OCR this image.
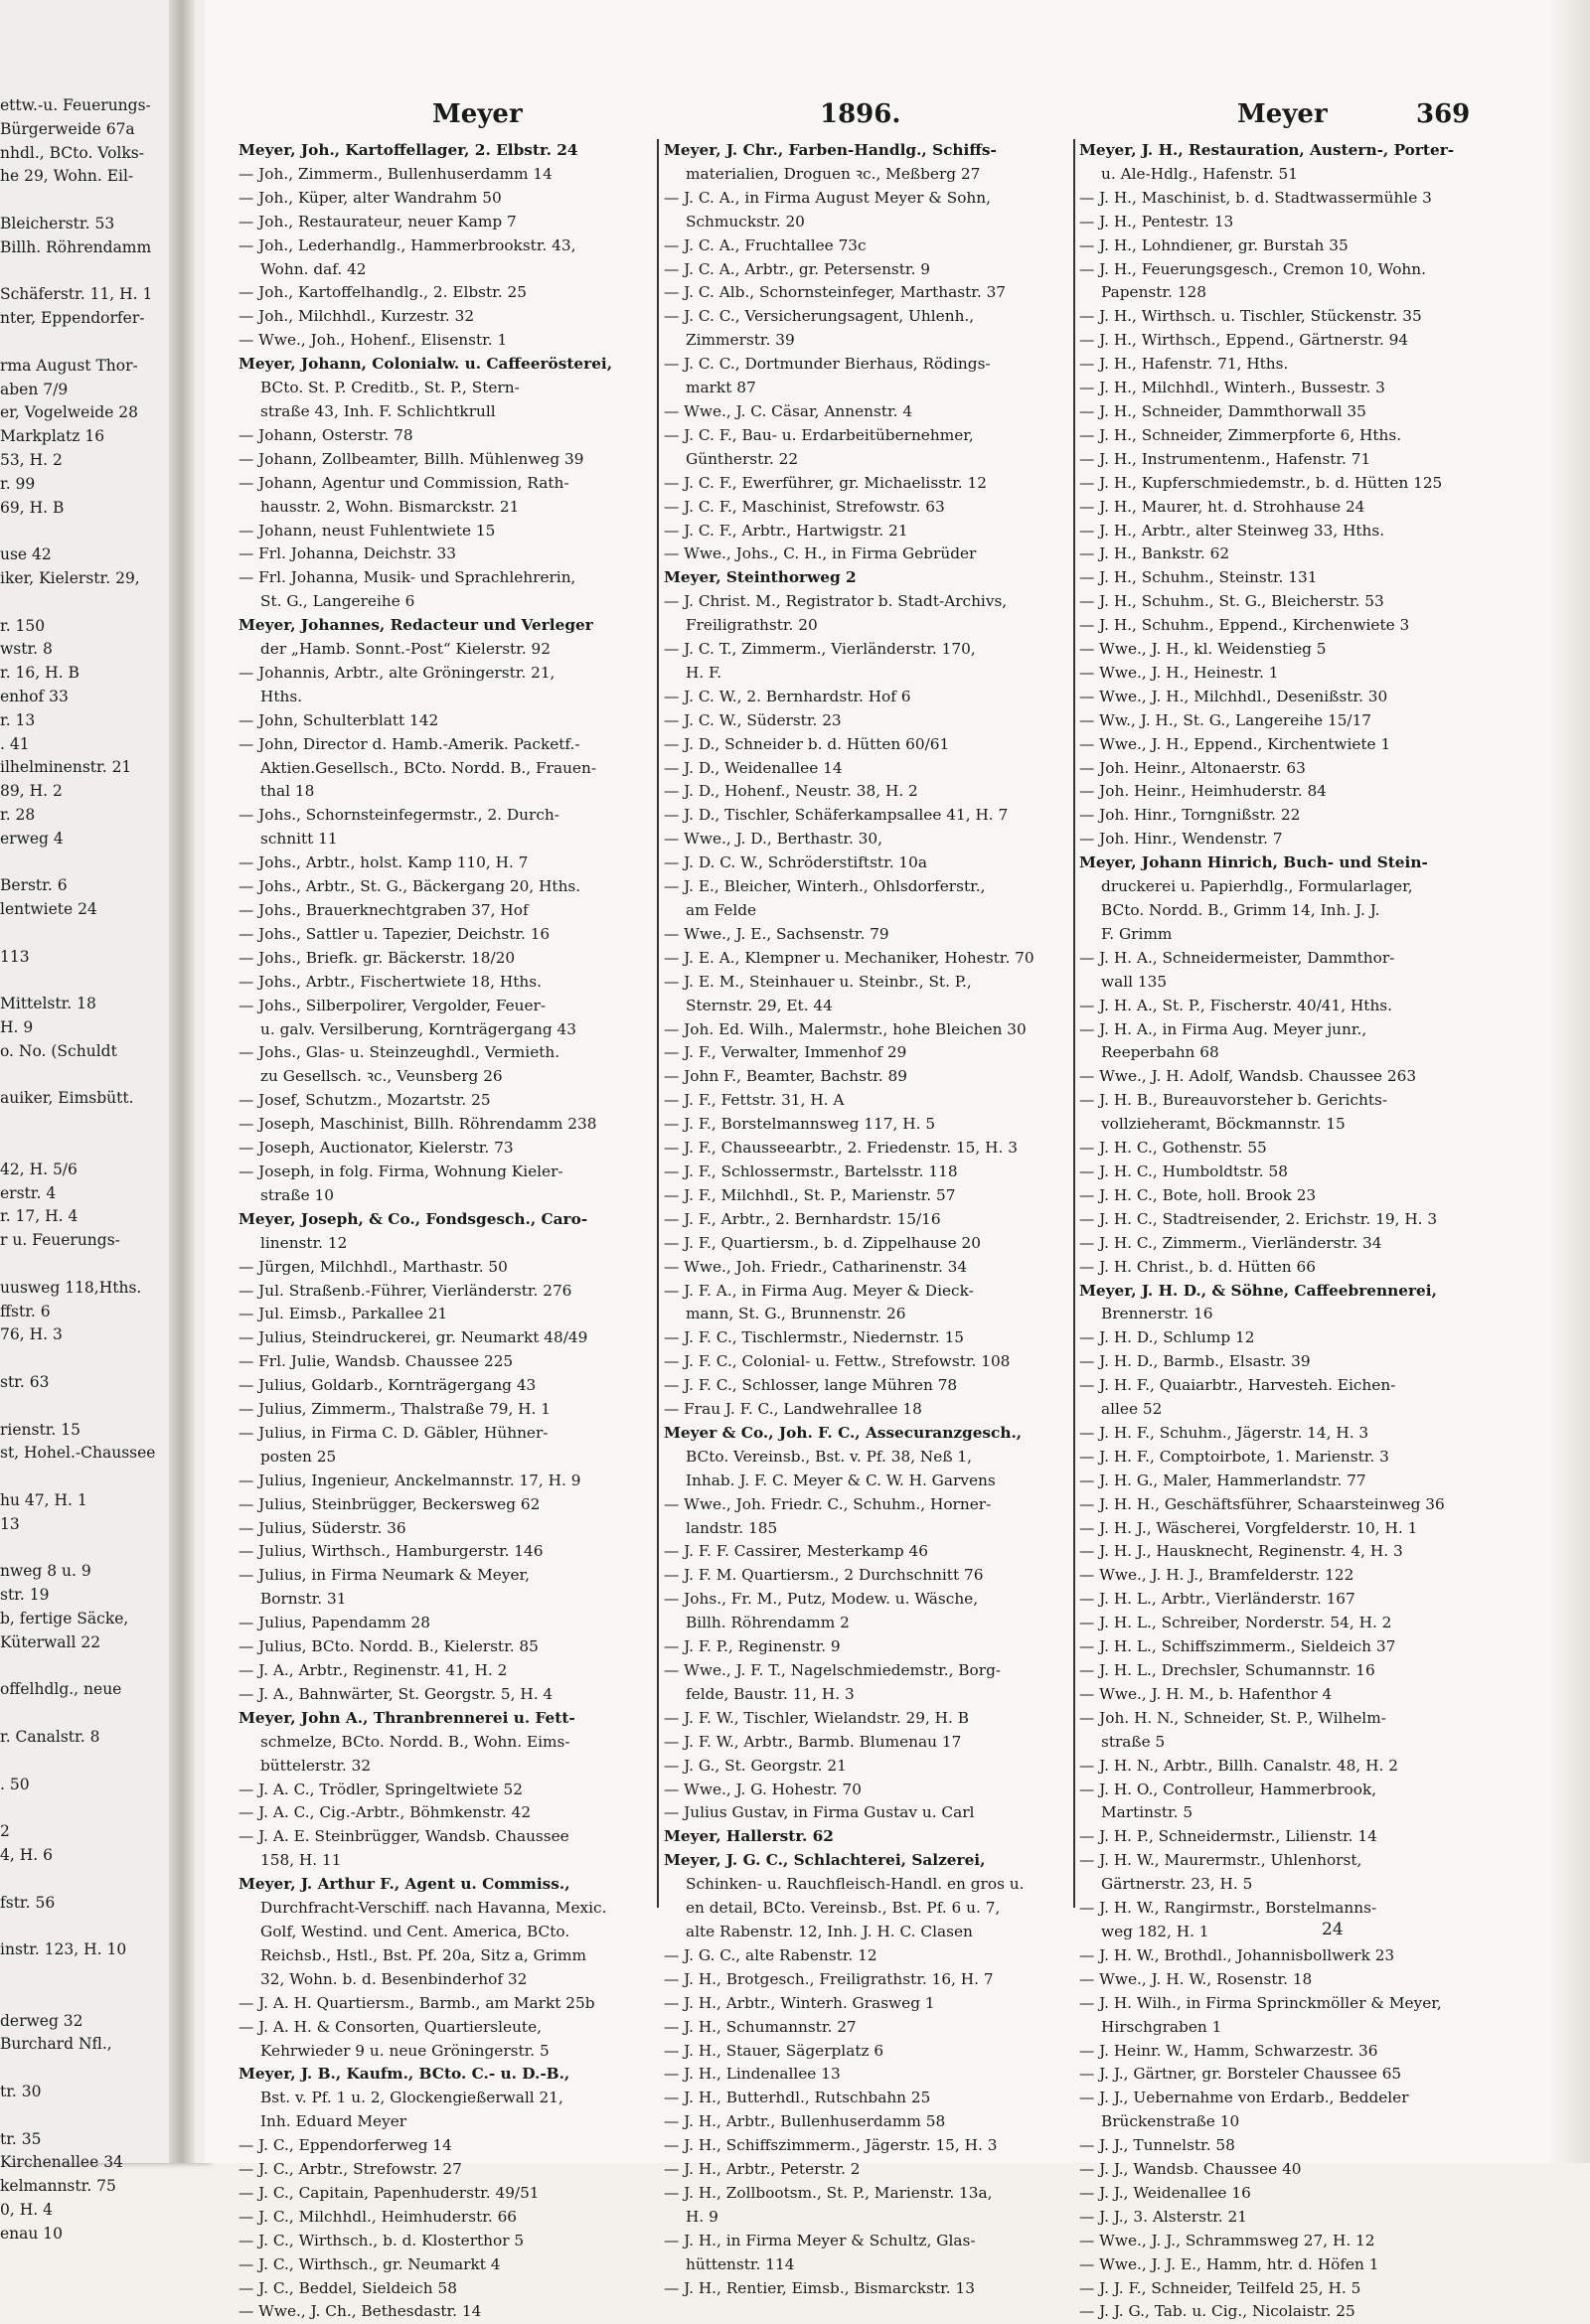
ettw.-u. Feuerungs-
Bürgerweide 67a
nhdl., BCto. Volks-
he 29, Wohn. Eil-

Bleicherstr. 53
Billh. Röhrendamm

Schäferstr. 11, H. 1
nter, Eppendorfer-

rma August Thor-
aben 7/9
er, Vogelweide 28
Markplatz 16
53, H. 2
r. 99
69, H. B

use 42
iker, Kielerstr. 29,

r. 150
wstr. 8
r. 16, H. B
enhof 33
r. 13
. 41
ilhelminenstr. 21
89, H. 2
r. 28
erweg 4

Berstr. 6
lentwiete 24

113

Mittelstr. 18
H. 9
o. No. (Schuldt

auiker, Eimsbütt.

42, H. 5/6
erstr. 4
r. 17, H. 4
r u. Feuerungs-

uusweg 118,Hths.
ffstr. 6
76, H. 3

str. 63

rienstr. 15
st, Hohel.-Chaussee

hu 47, H. 1
13

nweg 8 u. 9
str. 19
b, fertige Säcke,
Küterwall 22

offelhdlg., neue

r. Canalstr. 8

. 50

2
4, H. 6

fstr. 56

instr. 123, H. 10

derweg 32
Burchard Nfl.,

tr. 30

tr. 35
Kirchenallee 34
kelmannstr. 75
0, H. 4
enau 10
Meyer	1896.	Meyer	369
Meyer, Joh., Kartoffellager, 2. Elbstr. 24
— Joh., Zimmerm., Bullenhuserdamm 14
— Joh., Küper, alter Wandrahm 50
— Joh., Restaurateur, neuer Kamp 7
— Joh., Lederhandlg., Hammerbrookstr. 43,
Wohn. daf. 42
— Joh., Kartoffelhandlg., 2. Elbstr. 25
— Joh., Milchhdl., Kurzestr. 32
— Wwe., Joh., Hohenf., Elisenstr. 1
Meyer, Johann, Colonialw. u. Caffeerösterei,
BCto. St. P. Creditb., St. P., Stern-
straße 43, Inh. F. Schlichtkrull
— Johann, Osterstr. 78
— Johann, Zollbeamter, Billh. Mühlenweg 39
— Johann, Agentur und Commission, Rath-
hausstr. 2, Wohn. Bismarckstr. 21
— Johann, neust Fuhlentwiete 15
— Frl. Johanna, Deichstr. 33
— Frl. Johanna, Musik- und Sprachlehrerin,
St. G., Langereihe 6
Meyer, Johannes, Redacteur und Verleger
der „Hamb. Sonnt.-Post“ Kielerstr. 92
— Johannis, Arbtr., alte Gröningerstr. 21,
Hths.
— John, Schulterblatt 142
— John, Director d. Hamb.-Amerik. Packetf.-
Aktien.Gesellsch., BCto. Nordd. B., Frauen-
thal 18
— Johs., Schornsteinfegermstr., 2. Durch-
schnitt 11
— Johs., Arbtr., holst. Kamp 110, H. 7
— Johs., Arbtr., St. G., Bäckergang 20, Hths.
— Johs., Brauerknechtgraben 37, Hof
— Johs., Sattler u. Tapezier, Deichstr. 16
— Johs., Briefk. gr. Bäckerstr. 18/20
— Johs., Arbtr., Fischertwiete 18, Hths.
— Johs., Silberpolirer, Vergolder, Feuer-
u. galv. Versilberung, Kornträgergang 43
— Johs., Glas- u. Steinzeughdl., Vermieth.
zu Gesellsch. ꝛc., Veunsberg 26
— Josef, Schutzm., Mozartstr. 25
— Joseph, Maschinist, Billh. Röhrendamm 238
— Joseph, Auctionator, Kielerstr. 73
— Joseph, in folg. Firma, Wohnung Kieler-
straße 10
Meyer, Joseph, & Co., Fondsgesch., Caro-
linenstr. 12
— Jürgen, Milchhdl., Marthastr. 50
— Jul. Straßenb.-Führer, Vierländerstr. 276
— Jul. Eimsb., Parkallee 21
— Julius, Steindruckerei, gr. Neumarkt 48/49
— Frl. Julie, Wandsb. Chaussee 225
— Julius, Goldarb., Kornträgergang 43
— Julius, Zimmerm., Thalstraße 79, H. 1
— Julius, in Firma C. D. Gäbler, Hühner-
posten 25
— Julius, Ingenieur, Anckelmannstr. 17, H. 9
— Julius, Steinbrügger, Beckersweg 62
— Julius, Süderstr. 36
— Julius, Wirthsch., Hamburgerstr. 146
— Julius, in Firma Neumark & Meyer,
Bornstr. 31
— Julius, Papendamm 28
— Julius, BCto. Nordd. B., Kielerstr. 85
— J. A., Arbtr., Reginenstr. 41, H. 2
— J. A., Bahnwärter, St. Georgstr. 5, H. 4
Meyer, John A., Thranbrennerei u. Fett-
schmelze, BCto. Nordd. B., Wohn. Eims-
büttelerstr. 32
— J. A. C., Trödler, Springeltwiete 52
— J. A. C., Cig.-Arbtr., Böhmkenstr. 42
— J. A. E. Steinbrügger, Wandsb. Chaussee
158, H. 11
Meyer, J. Arthur F., Agent u. Commiss.,
Durchfracht-Verschiff. nach Havanna, Mexic.
Golf, Westind. und Cent. America, BCto.
Reichsb., Hstl., Bst. Pf. 20a, Sitz a, Grimm
32, Wohn. b. d. Besenbinderhof 32
— J. A. H. Quartiersm., Barmb., am Markt 25b
— J. A. H. & Consorten, Quartiersleute,
Kehrwieder 9 u. neue Gröningerstr. 5
Meyer, J. B., Kaufm., BCto. C.- u. D.-B.,
Bst. v. Pf. 1 u. 2, Glockengießerwall 21,
Inh. Eduard Meyer
— J. C., Eppendorferweg 14
— J. C., Arbtr., Strefowstr. 27
— J. C., Capitain, Papenhuderstr. 49/51
— J. C., Milchhdl., Heimhuderstr. 66
— J. C., Wirthsch., b. d. Klosterthor 5
— J. C., Wirthsch., gr. Neumarkt 4
— J. C., Beddel, Sieldeich 58
— Wwe., J. Ch., Bethesdastr. 14
Meyer, J. Chr., Farben-Handlg., Schiffs-
materialien, Droguen ꝛc., Meßberg 27
— J. C. A., in Firma August Meyer & Sohn,
Schmuckstr. 20
— J. C. A., Fruchtallee 73c
— J. C. A., Arbtr., gr. Petersenstr. 9
— J. C. Alb., Schornsteinfeger, Marthastr. 37
— J. C. C., Versicherungsagent, Uhlenh.,
Zimmerstr. 39
— J. C. C., Dortmunder Bierhaus, Rödings-
markt 87
— Wwe., J. C. Cäsar, Annenstr. 4
— J. C. F., Bau- u. Erdarbeitübernehmer,
Güntherstr. 22
— J. C. F., Ewerführer, gr. Michaelisstr. 12
— J. C. F., Maschinist, Strefowstr. 63
— J. C. F., Arbtr., Hartwigstr. 21
— Wwe., Johs., C. H., in Firma Gebrüder
Meyer, Steinthorweg 2
— J. Christ. M., Registrator b. Stadt-Archivs,
Freiligrathstr. 20
— J. C. T., Zimmerm., Vierländerstr. 170,
H. F.
— J. C. W., 2. Bernhardstr. Hof 6
— J. C. W., Süderstr. 23
— J. D., Schneider b. d. Hütten 60/61
— J. D., Weidenallee 14
— J. D., Hohenf., Neustr. 38, H. 2
— J. D., Tischler, Schäferkampsallee 41, H. 7
— Wwe., J. D., Berthastr. 30,
— J. D. C. W., Schröderstiftstr. 10a
— J. E., Bleicher, Winterh., Ohlsdorferstr.,
am Felde
— Wwe., J. E., Sachsenstr. 79
— J. E. A., Klempner u. Mechaniker, Hohestr. 70
— J. E. M., Steinhauer u. Steinbr., St. P.,
Sternstr. 29, Et. 44
— Joh. Ed. Wilh., Malermstr., hohe Bleichen 30
— J. F., Verwalter, Immenhof 29
— John F., Beamter, Bachstr. 89
— J. F., Fettstr. 31, H. A
— J. F., Borstelmannsweg 117, H. 5
— J. F., Chausseearbtr., 2. Friedenstr. 15, H. 3
— J. F., Schlossermstr., Bartelsstr. 118
— J. F., Milchhdl., St. P., Marienstr. 57
— J. F., Arbtr., 2. Bernhardstr. 15/16
— J. F., Quartiersm., b. d. Zippelhause 20
— Wwe., Joh. Friedr., Catharinenstr. 34
— J. F. A., in Firma Aug. Meyer & Dieck-
mann, St. G., Brunnenstr. 26
— J. F. C., Tischlermstr., Niedernstr. 15
— J. F. C., Colonial- u. Fettw., Strefowstr. 108
— J. F. C., Schlosser, lange Mühren 78
— Frau J. F. C., Landwehrallee 18
Meyer & Co., Joh. F. C., Assecuranzgesch.,
BCto. Vereinsb., Bst. v. Pf. 38, Neß 1,
Inhab. J. F. C. Meyer & C. W. H. Garvens
— Wwe., Joh. Friedr. C., Schuhm., Horner-
landstr. 185
— J. F. F. Cassirer, Mesterkamp 46
— J. F. M. Quartiersm., 2 Durchschnitt 76
— Johs., Fr. M., Putz, Modew. u. Wäsche,
Billh. Röhrendamm 2
— J. F. P., Reginenstr. 9
— Wwe., J. F. T., Nagelschmiedemstr., Borg-
felde, Baustr. 11, H. 3
— J. F. W., Tischler, Wielandstr. 29, H. B
— J. F. W., Arbtr., Barmb. Blumenau 17
— J. G., St. Georgstr. 21
— Wwe., J. G. Hohestr. 70
— Julius Gustav, in Firma Gustav u. Carl
Meyer, Hallerstr. 62
Meyer, J. G. C., Schlachterei, Salzerei,
Schinken- u. Rauchfleisch-Handl. en gros u.
en detail, BCto. Vereinsb., Bst. Pf. 6 u. 7,
alte Rabenstr. 12, Inh. J. H. C. Clasen
— J. G. C., alte Rabenstr. 12
— J. H., Brotgesch., Freiligrathstr. 16, H. 7
— J. H., Arbtr., Winterh. Grasweg 1
— J. H., Schumannstr. 27
— J. H., Stauer, Sägerplatz 6
— J. H., Lindenallee 13
— J. H., Butterhdl., Rutschbahn 25
— J. H., Arbtr., Bullenhuserdamm 58
— J. H., Schiffszimmerm., Jägerstr. 15, H. 3
— J. H., Arbtr., Peterstr. 2
— J. H., Zollbootsm., St. P., Marienstr. 13a,
H. 9
— J. H., in Firma Meyer & Schultz, Glas-
hüttenstr. 114
— J. H., Rentier, Eimsb., Bismarckstr. 13
Meyer, J. H., Restauration, Austern-, Porter-
u. Ale-Hdlg., Hafenstr. 51
— J. H., Maschinist, b. d. Stadtwassermühle 3
— J. H., Pentestr. 13
— J. H., Lohndiener, gr. Burstah 35
— J. H., Feuerungsgesch., Cremon 10, Wohn.
Papenstr. 128
— J. H., Wirthsch. u. Tischler, Stückenstr. 35
— J. H., Wirthsch., Eppend., Gärtnerstr. 94
— J. H., Hafenstr. 71, Hths.
— J. H., Milchhdl., Winterh., Bussestr. 3
— J. H., Schneider, Dammthorwall 35
— J. H., Schneider, Zimmerpforte 6, Hths.
— J. H., Instrumentenm., Hafenstr. 71
— J. H., Kupferschmiedemstr., b. d. Hütten 125
— J. H., Maurer, ht. d. Strohhause 24
— J. H., Arbtr., alter Steinweg 33, Hths.
— J. H., Bankstr. 62
— J. H., Schuhm., Steinstr. 131
— J. H., Schuhm., St. G., Bleicherstr. 53
— J. H., Schuhm., Eppend., Kirchenwiete 3
— Wwe., J. H., kl. Weidenstieg 5
— Wwe., J. H., Heinestr. 1
— Wwe., J. H., Milchhdl., Desenißstr. 30
— Ww., J. H., St. G., Langereihe 15/17
— Wwe., J. H., Eppend., Kirchentwiete 1
— Joh. Heinr., Altonaerstr. 63
— Joh. Heinr., Heimhuderstr. 84
— Joh. Hinr., Torngnißstr. 22
— Joh. Hinr., Wendenstr. 7
Meyer, Johann Hinrich, Buch- und Stein-
druckerei u. Papierhdlg., Formularlager,
BCto. Nordd. B., Grimm 14, Inh. J. J.
F. Grimm
— J. H. A., Schneidermeister, Dammthor-
wall 135
— J. H. A., St. P., Fischerstr. 40/41, Hths.
— J. H. A., in Firma Aug. Meyer junr.,
Reeperbahn 68
— Wwe., J. H. Adolf, Wandsb. Chaussee 263
— J. H. B., Bureauvorsteher b. Gerichts-
vollzieheramt, Böckmannstr. 15
— J. H. C., Gothenstr. 55
— J. H. C., Humboldtstr. 58
— J. H. C., Bote, holl. Brook 23
— J. H. C., Stadtreisender, 2. Erichstr. 19, H. 3
— J. H. C., Zimmerm., Vierländerstr. 34
— J. H. Christ., b. d. Hütten 66
Meyer, J. H. D., & Söhne, Caffeebrennerei,
Brennerstr. 16
— J. H. D., Schlump 12
— J. H. D., Barmb., Elsastr. 39
— J. H. F., Quaiarbtr., Harvestеh. Eichen-
allee 52
— J. H. F., Schuhm., Jägerstr. 14, H. 3
— J. H. F., Comptoirbote, 1. Marienstr. 3
— J. H. G., Maler, Hammerlandstr. 77
— J. H. H., Geschäftsführer, Schaarsteinweg 36
— J. H. J., Wäscherei, Vorgfelderstr. 10, H. 1
— J. H. J., Hausknecht, Reginenstr. 4, H. 3
— Wwe., J. H. J., Bramfelderstr. 122
— J. H. L., Arbtr., Vierländerstr. 167
— J. H. L., Schreiber, Norderstr. 54, H. 2
— J. H. L., Schiffszimmerm., Sieldeich 37
— J. H. L., Drechsler, Schumannstr. 16
— Wwe., J. H. M., b. Hafenthor 4
— Joh. H. N., Schneider, St. P., Wilhelm-
straße 5
— J. H. N., Arbtr., Billh. Canalstr. 48, H. 2
— J. H. O., Controlleur, Hammerbrook,
Martinstr. 5
— J. H. P., Schneidermstr., Lilienstr. 14
— J. H. W., Maurermstr., Uhlenhorst,
Gärtnerstr. 23, H. 5
— J. H. W., Rangirmstr., Borstelmanns-
weg 182, H. 1
— J. H. W., Brothdl., Johannisbollwerk 23
— Wwe., J. H. W., Rosenstr. 18
— J. H. Wilh., in Firma Sprinckmöller & Meyer,
Hirschgraben 1
— J. Heinr. W., Hamm, Schwarzestr. 36
— J. J., Gärtner, gr. Borsteler Chaussee 65
— J. J., Uebernahme von Erdarb., Beddeler
Brückenstraße 10
— J. J., Tunnelstr. 58
— J. J., Wandsb. Chaussee 40
— J. J., Weidenallee 16
— J. J., 3. Alsterstr. 21
— Wwe., J. J., Schrammsweg 27, H. 12
— Wwe., J. J. E., Hamm, htr. d. Höfen 1
— J. J. F., Schneider, Teilfeld 25, H. 5
— J. J. G., Tab. u. Cig., Nicolaistr. 25
24
